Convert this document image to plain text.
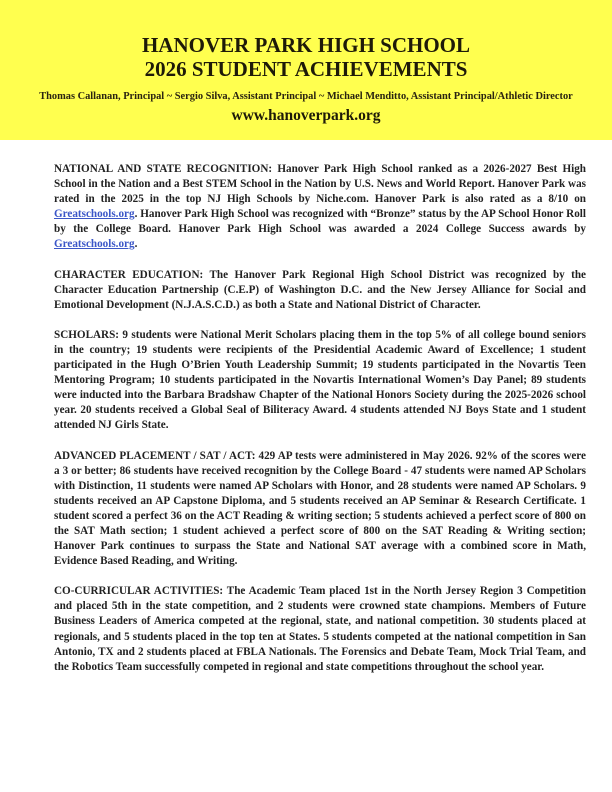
HANOVER PARK HIGH SCHOOL
2026 STUDENT ACHIEVEMENTS
Thomas Callanan, Principal ~ Sergio Silva, Assistant Principal ~ Michael Menditto, Assistant Principal/Athletic Director
www.hanoverpark.org

NATIONAL AND STATE RECOGNITION: Hanover Park High School ranked as a 2026-2027 Best High School in the Nation and a Best STEM School in the Nation by U.S. News and World Report. Hanover Park was rated in the 2025 in the top NJ High Schools by Niche.com. Hanover Park is also rated as a 8/10 on Greatschools.org. Hanover Park High School was recognized with “Bronze” status by the AP School Honor Roll by the College Board. Hanover Park High School was awarded a 2024 College Success awards by Greatschools.org.

CHARACTER EDUCATION: The Hanover Park Regional High School District was recognized by the Character Education Partnership (C.E.P) of Washington D.C. and the New Jersey Alliance for Social and Emotional Development (N.J.A.S.C.D.) as both a State and National District of Character.

SCHOLARS: 9 students were National Merit Scholars placing them in the top 5% of all college bound seniors in the country; 19 students were recipients of the Presidential Academic Award of Excellence; 1 student participated in the Hugh O’Brien Youth Leadership Summit; 19 students participated in the Novartis Teen Mentoring Program; 10 students participated in the Novartis International Women’s Day Panel; 89 students were inducted into the Barbara Bradshaw Chapter of the National Honors Society during the 2025-2026 school year. 20 students received a Global Seal of Biliteracy Award. 4 students attended NJ Boys State and 1 student attended NJ Girls State.

ADVANCED PLACEMENT / SAT / ACT: 429 AP tests were administered in May 2026. 92% of the scores were a 3 or better; 86 students have received recognition by the College Board - 47 students were named AP Scholars with Distinction, 11 students were named AP Scholars with Honor, and 28 students were named AP Scholars. 9 students received an AP Capstone Diploma, and 5 students received an AP Seminar & Research Certificate. 1 student scored a perfect 36 on the ACT Reading & writing section; 5 students achieved a perfect score of 800 on the SAT Math section; 1 student achieved a perfect score of 800 on the SAT Reading & Writing section; Hanover Park continues to surpass the State and National SAT average with a combined score in Math, Evidence Based Reading, and Writing.

CO-CURRICULAR ACTIVITIES: The Academic Team placed 1st in the North Jersey Region 3 Competition and placed 5th in the state competition, and 2 students were crowned state champions. Members of Future Business Leaders of America competed at the regional, state, and national competition. 30 students placed at regionals, and 5 students placed in the top ten at States. 5 students competed at the national competition in San Antonio, TX and 2 students placed at FBLA Nationals. The Forensics and Debate Team, Mock Trial Team, and the Robotics Team successfully competed in regional and state competitions throughout the school year.
